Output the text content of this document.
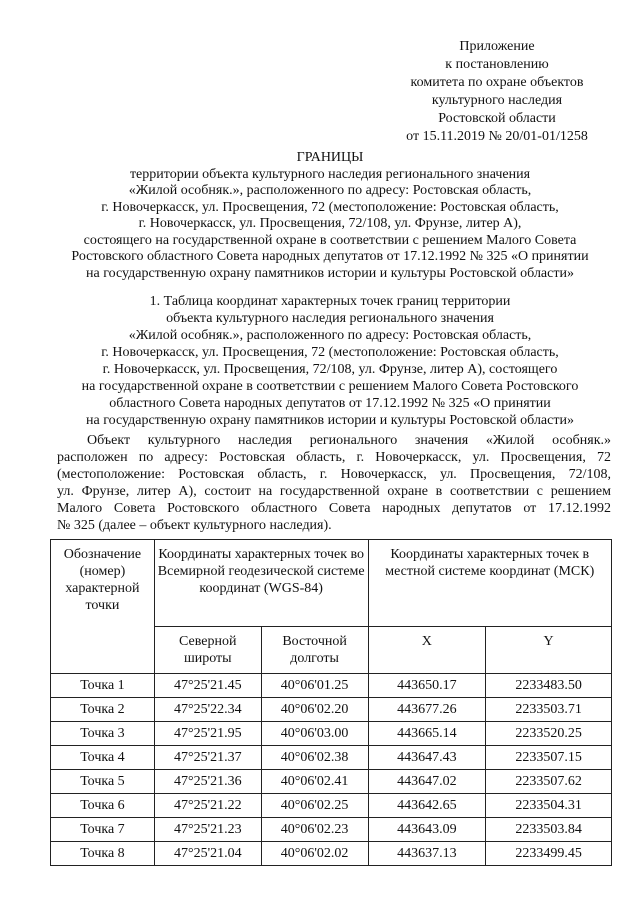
Приложение
к постановлению
комитета по охране объектов
культурного наследия
Ростовской области
от 15.11.2019 № 20/01-01/1258
ГРАНИЦЫ
территории объекта культурного наследия регионального значения
«Жилой особняк.», расположенного по адресу: Ростовская область,
г. Новочеркасск, ул. Просвещения, 72 (местоположение: Ростовская область,
г. Новочеркасск, ул. Просвещения, 72/108, ул. Фрунзе, литер А),
состоящего на государственной охране в соответствии с решением Малого Совета
Ростовского областного Совета народных депутатов от 17.12.1992 № 325 «О принятии
на государственную охрану памятников истории и культуры Ростовской области»
1. Таблица координат характерных точек границ территории
объекта культурного наследия регионального значения
«Жилой особняк.», расположенного по адресу: Ростовская область,
г. Новочеркасск, ул. Просвещения, 72 (местоположение: Ростовская область,
г. Новочеркасск, ул. Просвещения, 72/108, ул. Фрунзе, литер А), состоящего
на государственной охране в соответствии с решением Малого Совета Ростовского
областного Совета народных депутатов от 17.12.1992 № 325 «О принятии
на государственную охрану памятников истории и культуры Ростовской области»
Объект культурного наследия регионального значения «Жилой особняк.»
расположен по адресу: Ростовская область, г. Новочеркасск, ул. Просвещения, 72
(местоположение: Ростовская область, г. Новочеркасск, ул. Просвещения, 72/108,
ул. Фрунзе, литер А), состоит на государственной охране в соответствии с решением
Малого Совета Ростовского областного Совета народных депутатов от 17.12.1992
№ 325 (далее – объект культурного наследия).
Обозначение (номер) характерной точки	Координаты характерных точек во Всемирной геодезической системе координат (WGS-84)		Координаты характерных точек в местной системе координат (МСК)	
	Северной широты	Восточной долготы	X	Y
Точка 1	47°25'21.45	40°06'01.25	443650.17	2233483.50
Точка 2	47°25'22.34	40°06'02.20	443677.26	2233503.71
Точка 3	47°25'21.95	40°06'03.00	443665.14	2233520.25
Точка 4	47°25'21.37	40°06'02.38	443647.43	2233507.15
Точка 5	47°25'21.36	40°06'02.41	443647.02	2233507.62
Точка 6	47°25'21.22	40°06'02.25	443642.65	2233504.31
Точка 7	47°25'21.23	40°06'02.23	443643.09	2233503.84
Точка 8	47°25'21.04	40°06'02.02	443637.13	2233499.45
